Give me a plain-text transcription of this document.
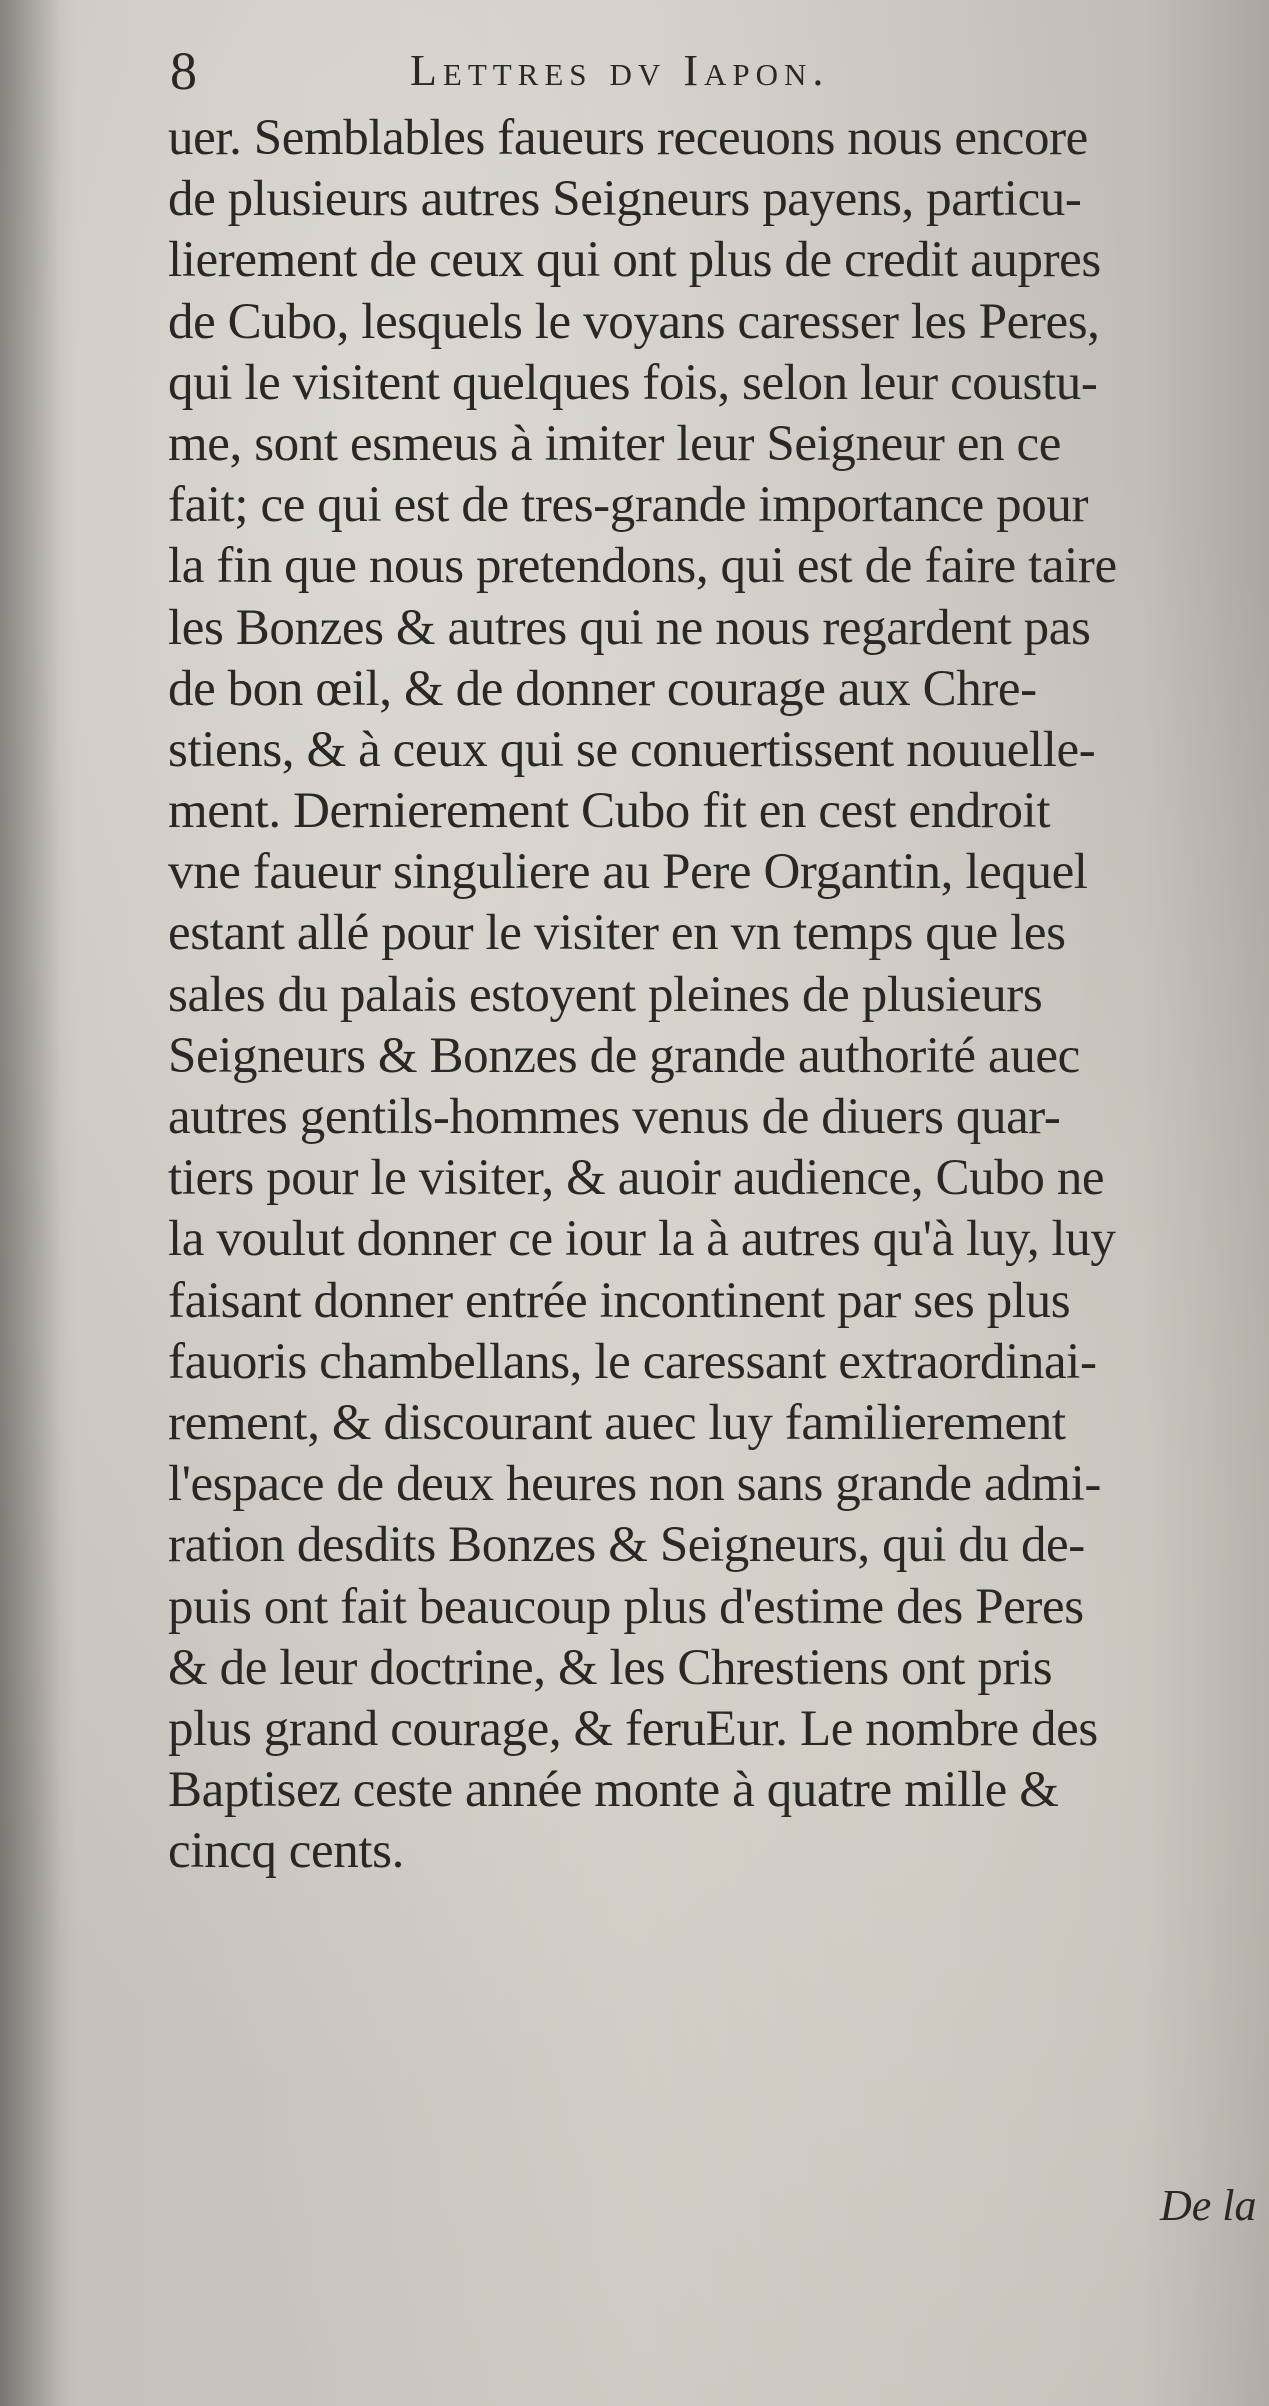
8	Lettres dv Iapon.
uer. Semblables faueurs receuons nous encore
de plusieurs autres Seigneurs payens, particu-
lierement de ceux qui ont plus de credit aupres
de Cubo, lesquels le voyans caresser les Peres,
qui le visitent quelques fois, selon leur coustu-
me, sont esmeus à imiter leur Seigneur en ce
fait; ce qui est de tres-grande importance pour
la fin que nous pretendons, qui est de faire taire
les Bonzes & autres qui ne nous regardent pas
de bon œil, & de donner courage aux Chre-
stiens, & à ceux qui se conuertissent nouuelle-
ment. Dernierement Cubo fit en cest endroit
vne faueur singuliere au Pere Organtin, lequel
estant allé pour le visiter en vn temps que les
sales du palais estoyent pleines de plusieurs
Seigneurs & Bonzes de grande authorité auec
autres gentils-hommes venus de diuers quar-
tiers pour le visiter, & auoir audience, Cubo ne
la voulut donner ce iour la à autres qu'à luy, luy
faisant donner entrée incontinent par ses plus
fauoris chambellans, le caressant extraordinai-
rement, & discourant auec luy familierement
l'espace de deux heures non sans grande admi-
ration desdits Bonzes & Seigneurs, qui du de-
puis ont fait beaucoup plus d'estime des Peres
& de leur doctrine, & les Chrestiens ont pris
plus grand courage, & feruEur. Le nombre des
Baptisez ceste année monte à quatre mille &
cincq cents.
De la
